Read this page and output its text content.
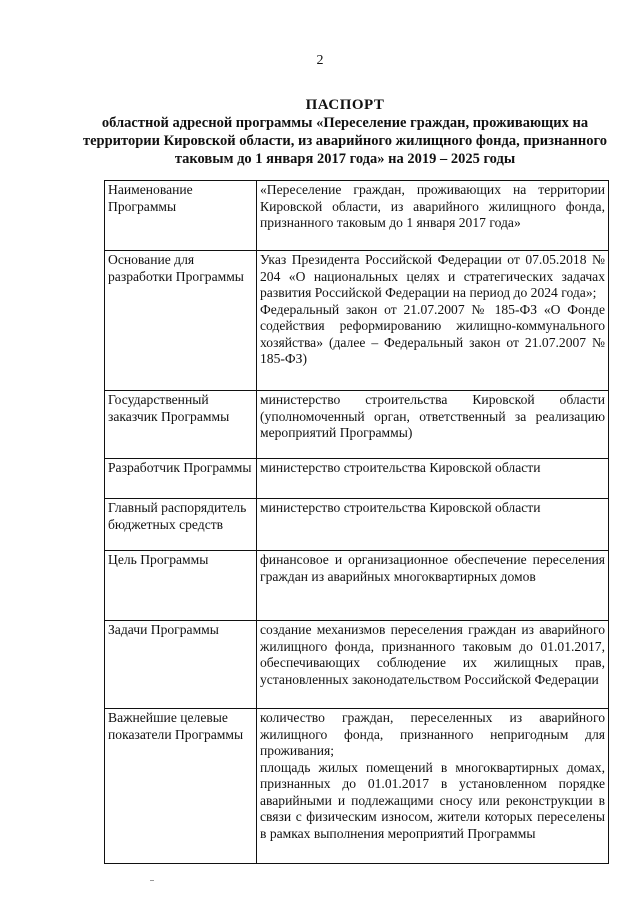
2
ПАСПОРТ
областной адресной программы «Переселение граждан, проживающих на территории Кировской области, из аварийного жилищного фонда, признанного таковым до 1 января 2017 года» на 2019 – 2025 годы
Наименование Программы	«Переселение граждан, проживающих на территории Кировской области, из аварийного жилищного фонда, признанного таковым до 1 января 2017 года»

Основание для разработки Программы	Указ Президента Российской Федерации от 07.05.2018 № 204 «О национальных целях и стратегических задачах развития Российской Федерации на период до 2024 года»;
Федеральный закон от 21.07.2007 № 185-ФЗ «О Фонде содействия реформированию жилищно-коммунального хозяйства» (далее – Федеральный закон от 21.07.2007 № 185-ФЗ)

Государственный заказчик Программы	министерство строительства Кировской области (уполномоченный орган, ответственный за реализацию мероприятий Программы)

Разработчик Программы	министерство строительства Кировской области

Главный распорядитель бюджетных средств	министерство строительства Кировской области

Цель Программы	финансовое и организационное обеспечение переселения граждан из аварийных многоквартирных домов

Задачи Программы	создание механизмов переселения граждан из аварийного жилищного фонда, признанного таковым до 01.01.2017, обеспечивающих соблюдение их жилищных прав, установленных законодательством Российской Федерации

Важнейшие целевые показатели Программы	количество граждан, переселенных из аварийного жилищного фонда, признанного непригодным для проживания;
площадь жилых помещений в многоквартирных домах, признанных до 01.01.2017 в установленном порядке аварийными и подлежащими сносу или реконструкции в связи с физическим износом, жители которых переселены в рамках выполнения мероприятий Программы
